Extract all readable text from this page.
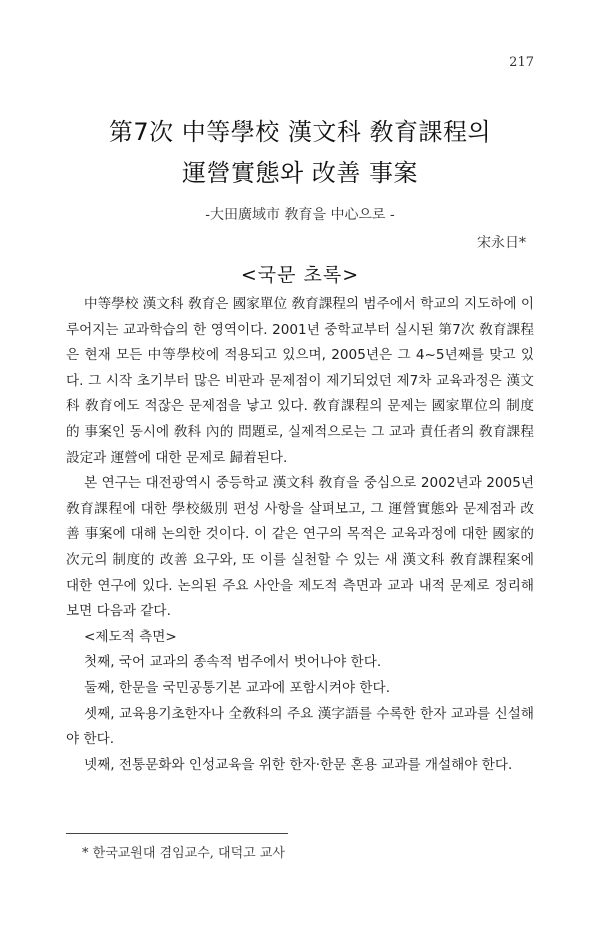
217
第7次 中等學校 漢文科 敎育課程의
運營實態와 改善 事案
-大田廣域市 敎育을 中心으로 -
宋永日*
<국문 초록>

中等學校 漢文科 敎育은 國家單位 敎育課程의 범주에서 학교의 지도하에 이루어지는 교과학습의 한 영역이다. 2001년 중학교부터 실시된 第7次 敎育課程은 현재 모든 中等學校에 적용되고 있으며, 2005년은 그 4~5년째를 맞고 있다. 그 시작 초기부터 많은 비판과 문제점이 제기되었던 제7차 교육과정은 漢文科 敎育에도 적잖은 문제점을 낳고 있다. 敎育課程의 문제는 國家單位의 制度的 事案인 동시에 敎科 內的 問題로, 실제적으로는 그 교과 責任者의 敎育課程 設定과 運營에 대한 문제로 歸着된다.

본 연구는 대전광역시 중등학교 漢文科 敎育을 중심으로 2002년과 2005년 敎育課程에 대한 學校級別 편성 사항을 살펴보고, 그 運營實態와 문제점과 改善 事案에 대해 논의한 것이다. 이 같은 연구의 목적은 교육과정에 대한 國家的 次元의 制度的 改善 요구와, 또 이를 실천할 수 있는 새 漢文科 敎育課程案에 대한 연구에 있다. 논의된 주요 사안을 제도적 측면과 교과 내적 문제로 정리해 보면 다음과 같다.

<제도적 측면>

첫째, 국어 교과의 종속적 범주에서 벗어나야 한다.

둘째, 한문을 국민공통기본 교과에 포함시켜야 한다.

셋째, 교육용기초한자나 全敎科의 주요 漢字語를 수록한 한자 교과를 신설해야 한다.

넷째, 전통문화와 인성교육을 위한 한자·한문 혼용 교과를 개설해야 한다.

* 한국교원대 겸임교수, 대덕고 교사
